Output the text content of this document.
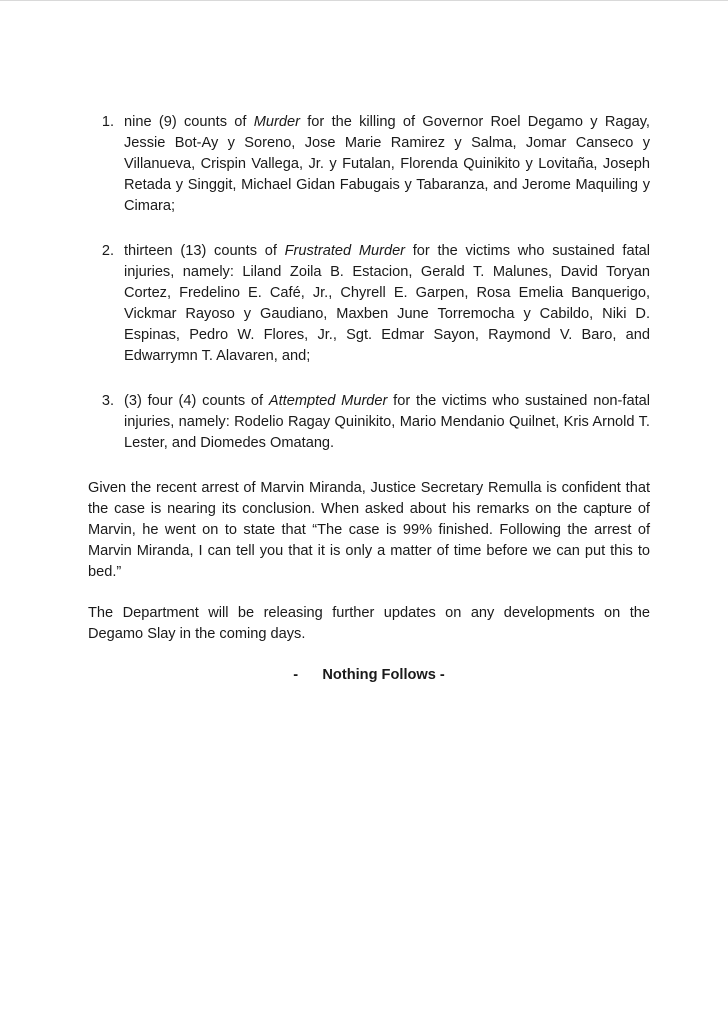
1. nine (9) counts of Murder for the killing of Governor Roel Degamo y Ragay, Jessie Bot-Ay y Soreno, Jose Marie Ramirez y Salma, Jomar Canseco y Villanueva, Crispin Vallega, Jr. y Futalan, Florenda Quinikito y Lovitaña, Joseph Retada y Singgit, Michael Gidan Fabugais y Tabaranza, and Jerome Maquiling y Cimara;
2. thirteen (13) counts of Frustrated Murder for the victims who sustained fatal injuries, namely: Liland Zoila B. Estacion, Gerald T. Malunes, David Toryan Cortez, Fredelino E. Café, Jr., Chyrell E. Garpen, Rosa Emelia Banquerigo, Vickmar Rayoso y Gaudiano, Maxben June Torremocha y Cabildo, Niki D. Espinas, Pedro W. Flores, Jr., Sgt. Edmar Sayon, Raymond V. Baro, and Edwarrymn T. Alavaren, and;
3. (3) four (4) counts of Attempted Murder for the victims who sustained non-fatal injuries, namely: Rodelio Ragay Quinikito, Mario Mendanio Quilnet, Kris Arnold T. Lester, and Diomedes Omatang.

Given the recent arrest of Marvin Miranda, Justice Secretary Remulla is confident that the case is nearing its conclusion. When asked about his remarks on the capture of Marvin, he went on to state that “The case is 99% finished. Following the arrest of Marvin Miranda, I can tell you that it is only a matter of time before we can put this to bed.”

The Department will be releasing further updates on any developments on the Degamo Slay in the coming days.

-      Nothing Follows -
